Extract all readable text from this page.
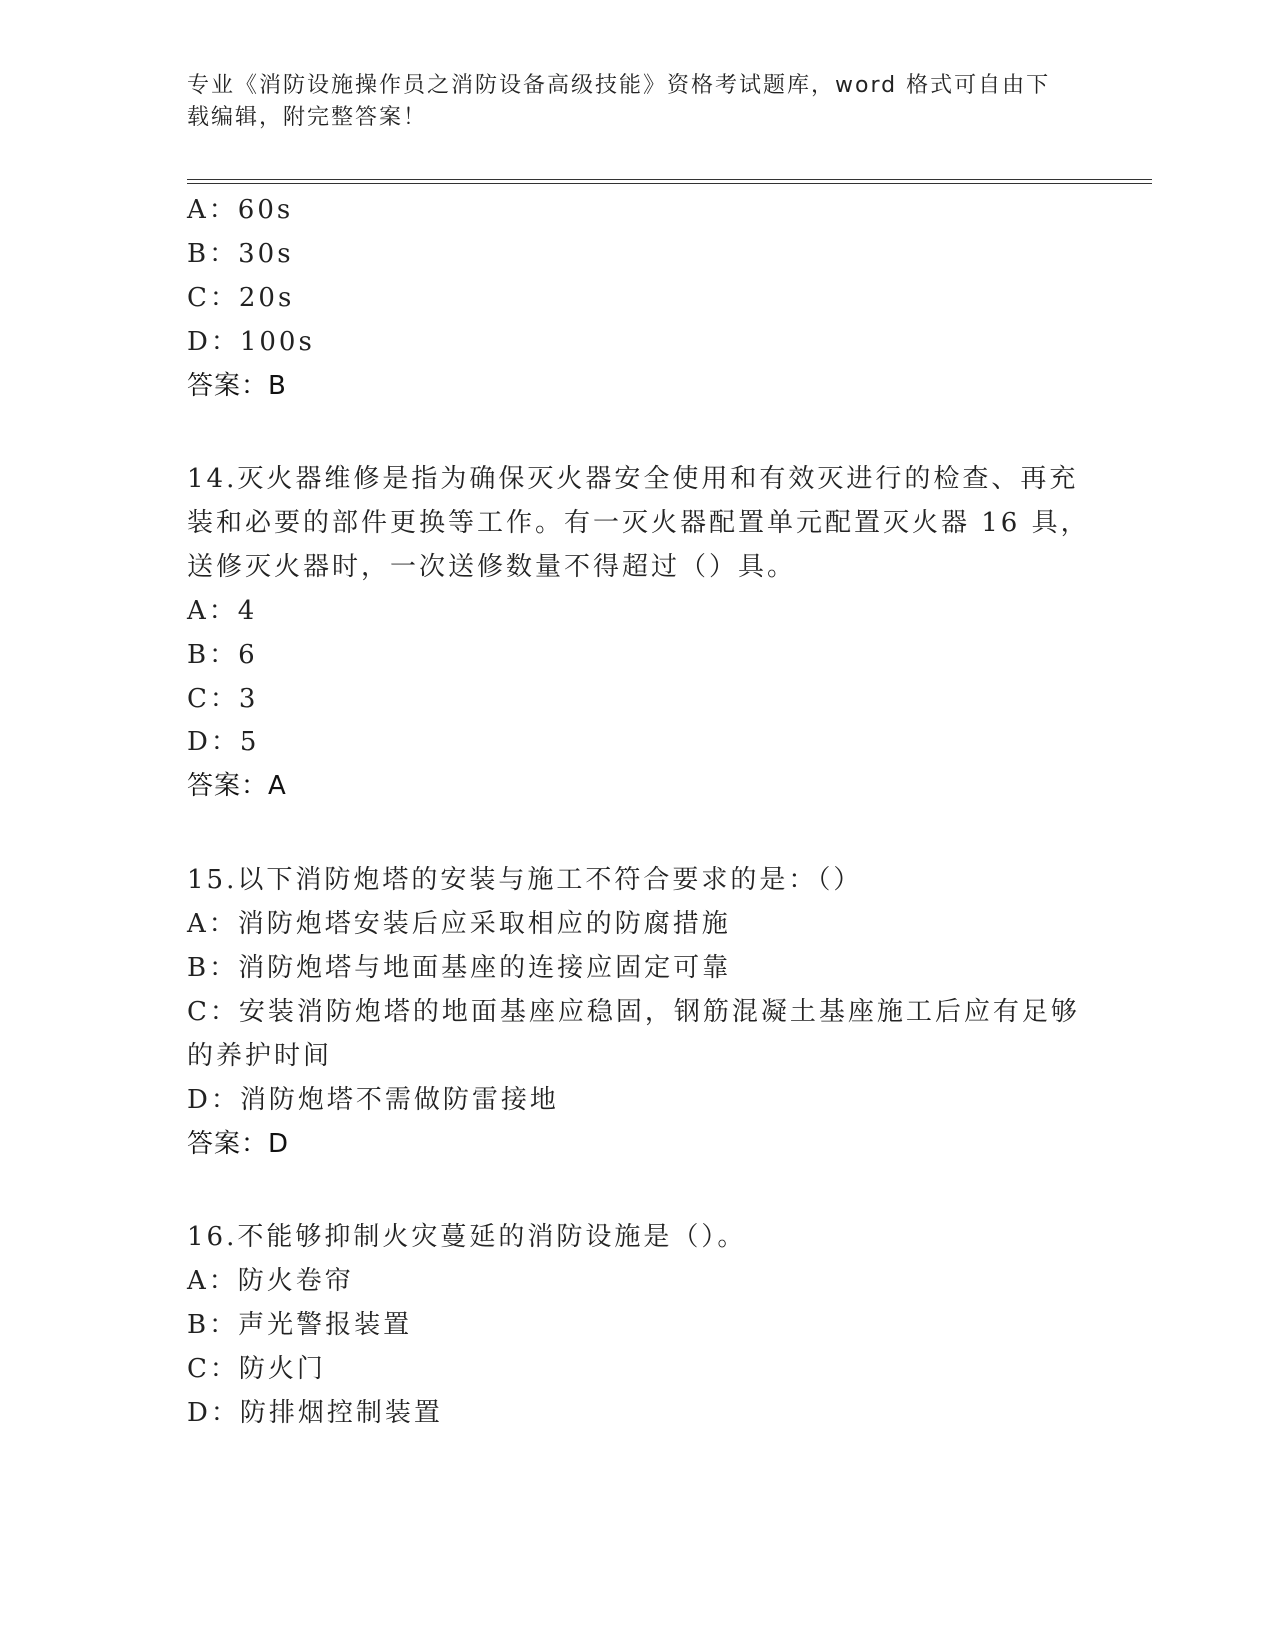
专业《消防设施操作员之消防设备高级技能》资格考试题库，word 格式可自由下
载编辑，附完整答案！
A：60s
B：30s
C：20s
D：100s
答案：B
14.灭火器维修是指为确保灭火器安全使用和有效灭进行的检查、再充
装和必要的部件更换等工作。有一灭火器配置单元配置灭火器 16 具，
送修灭火器时，一次送修数量不得超过（）具。
A：4
B：6
C：3
D：5
答案：A
15.以下消防炮塔的安装与施工不符合要求的是：（）
A：消防炮塔安装后应采取相应的防腐措施
B：消防炮塔与地面基座的连接应固定可靠
C：安装消防炮塔的地面基座应稳固，钢筋混凝土基座施工后应有足够
的养护时间
D：消防炮塔不需做防雷接地
答案：D
16.不能够抑制火灾蔓延的消防设施是（）。
A：防火卷帘
B：声光警报装置
C：防火门
D：防排烟控制装置
